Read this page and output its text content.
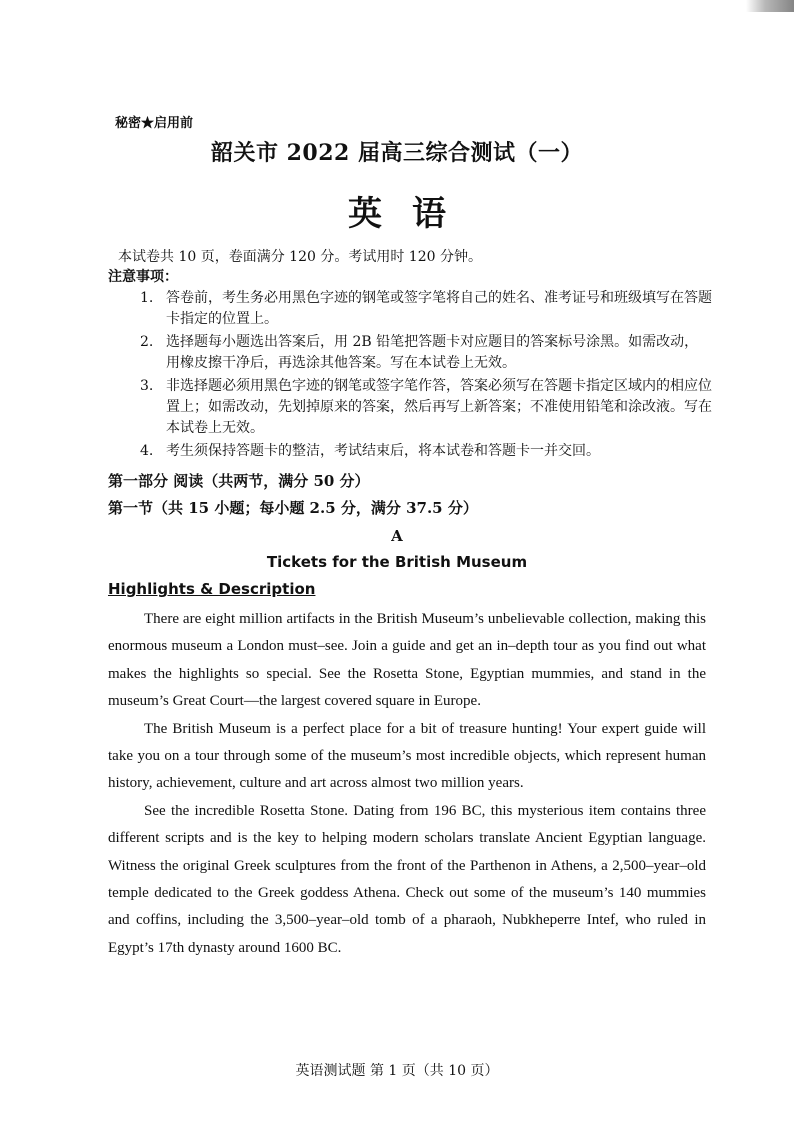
秘密★启用前
韶关市 2022 届高三综合测试（一）
英语
本试卷共 10 页，卷面满分 120 分。考试用时 120 分钟。
注意事项：
1. 答卷前，考生务必用黑色字迹的钢笔或签字笔将自己的姓名、准考证号和班级填写在答题卡指定的位置上。
2. 选择题每小题选出答案后，用 2B 铅笔把答题卡对应题目的答案标号涂黑。如需改动，用橡皮擦干净后，再选涂其他答案。写在本试卷上无效。
3. 非选择题必须用黑色字迹的钢笔或签字笔作答，答案必须写在答题卡指定区域内的相应位置上；如需改动，先划掉原来的答案，然后再写上新答案；不准使用铅笔和涂改液。写在本试卷上无效。
4. 考生须保持答题卡的整洁，考试结束后，将本试卷和答题卡一并交回。
第一部分 阅读（共两节，满分 50 分）
第一节（共 15 小题；每小题 2.5 分，满分 37.5 分）
A
Tickets for the British Museum
Highlights & Description

There are eight million artifacts in the British Museum’s unbelievable collection, making this enormous museum a London must–see. Join a guide and get an in–depth tour as you find out what makes the highlights so special. See the Rosetta Stone, Egyptian mummies, and stand in the museum’s Great Court—the largest covered square in Europe.

The British Museum is a perfect place for a bit of treasure hunting! Your expert guide will take you on a tour through some of the museum’s most incredible objects, which represent human history, achievement, culture and art across almost two million years.

See the incredible Rosetta Stone. Dating from 196 BC, this mysterious item contains three different scripts and is the key to helping modern scholars translate Ancient Egyptian language. Witness the original Greek sculptures from the front of the Parthenon in Athens, a 2,500–year–old temple dedicated to the Greek goddess Athena. Check out some of the museum’s 140 mummies and coffins, including the 3,500–year–old tomb of a pharaoh, Nubkheperre Intef, who ruled in Egypt’s 17th dynasty around 1600 BC.

英语测试题 第 1 页（共 10 页）
